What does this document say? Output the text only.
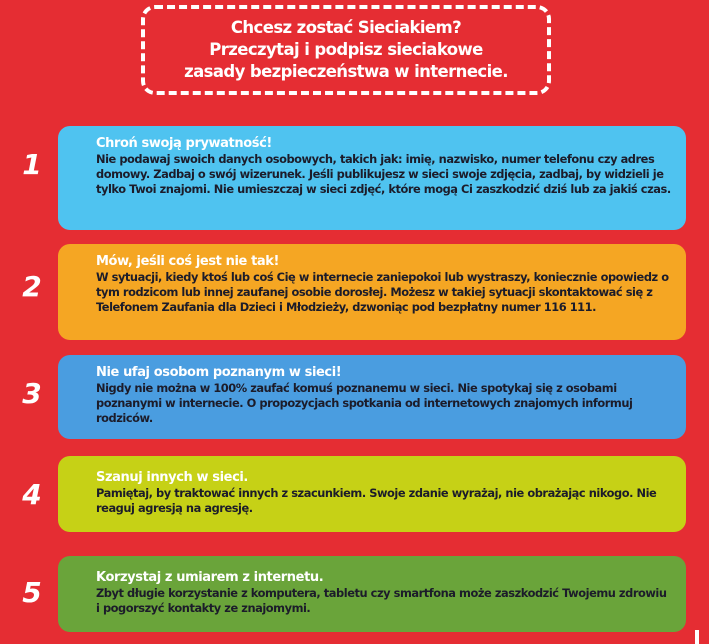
Chcesz zostać Sieciakiem?
Przeczytaj i podpisz sieciakowe
zasady bezpieczeństwa w internecie.
1
Chroń swoją prywatność!
Nie podawaj swoich danych osobowych, takich jak: imię, nazwisko, numer telefonu czy adres domowy. Zadbaj o swój wizerunek. Jeśli publikujesz w sieci swoje zdjęcia, zadbaj, by widzieli je tylko Twoi znajomi. Nie umieszczaj w sieci zdjęć, które mogą Ci zaszkodzić dziś lub za jakiś czas.
2
Mów, jeśli coś jest nie tak!
W sytuacji, kiedy ktoś lub coś Cię w internecie zaniepokoi lub wystraszy, koniecznie opowiedz o tym rodzicom lub innej zaufanej osobie dorosłej. Możesz w takiej sytuacji skontaktować się z Telefonem Zaufania dla Dzieci i Młodzieży, dzwoniąc pod bezpłatny numer 116 111.
3
Nie ufaj osobom poznanym w sieci!
Nigdy nie można w 100% zaufać komuś poznanemu w sieci. Nie spotykaj się z osobami poznanymi w internecie. O propozycjach spotkania od internetowych znajomych informuj rodziców.
4
Szanuj innych w sieci.
Pamiętaj, by traktować innych z szacunkiem. Swoje zdanie wyrażaj, nie obrażając nikogo. Nie reaguj agresją na agresję.
5	Korzystaj z umiarem z internetu.
Zbyt długie korzystanie z komputera, tabletu czy smartfona może zaszkodzić Twojemu zdrowiu i pogorszyć kontakty ze znajomymi.
